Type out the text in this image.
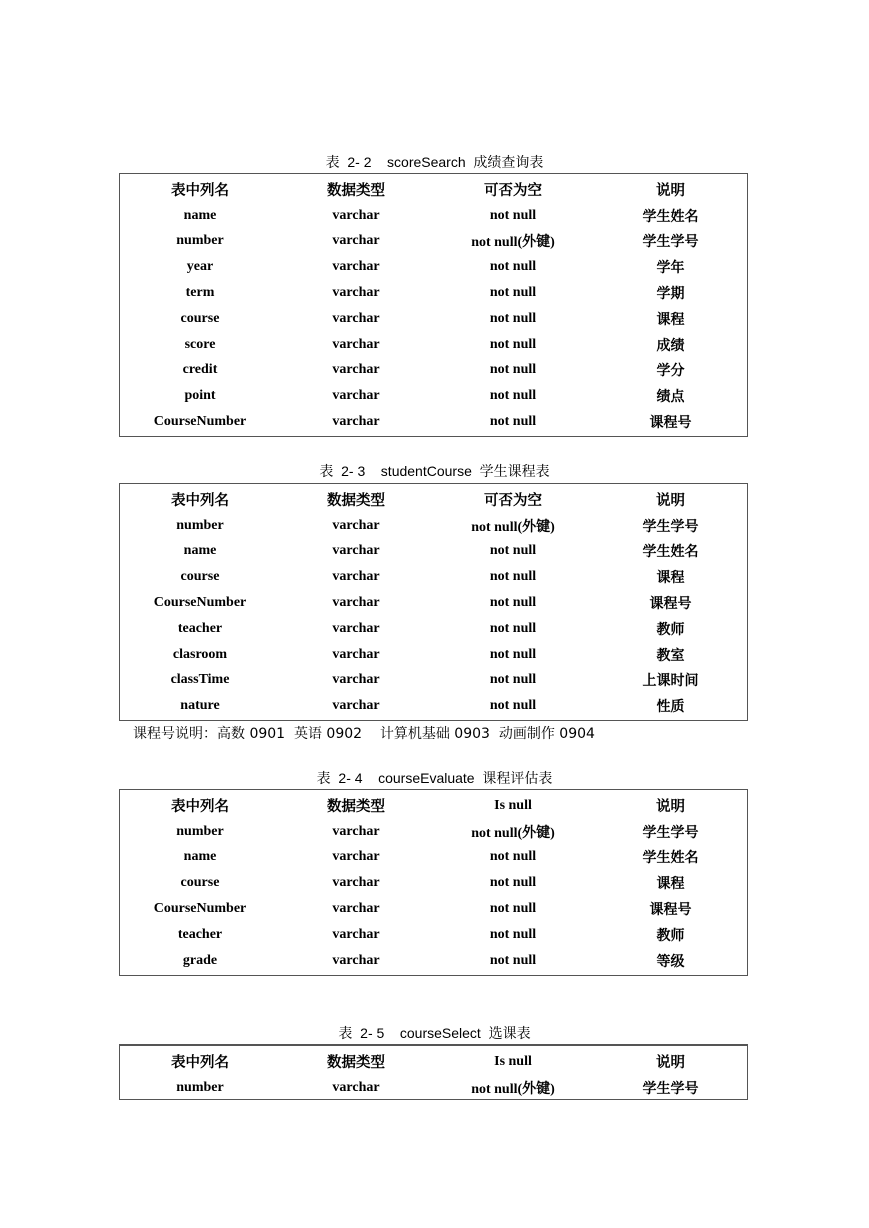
表  2- 2    scoreSearch  成绩查询表
表中列名	数据类型	可否为空	说明
name	varchar	not null	学生姓名
number	varchar	not null(外键)	学生学号
year	varchar	not null	学年
term	varchar	not null	学期
course	varchar	not null	课程
score	varchar	not null	成绩
credit	varchar	not null	学分
point	varchar	not null	绩点
CourseNumber	varchar	not null	课程号
表  2- 3    studentCourse  学生课程表
表中列名	数据类型	可否为空	说明
number	varchar	not null(外键)	学生学号
name	varchar	not null	学生姓名
course	varchar	not null	课程
CourseNumber	varchar	not null	课程号
teacher	varchar	not null	教师
clasroom	varchar	not null	教室
classTime	varchar	not null	上课时间
nature	varchar	not null	性质
课程号说明：高数 0901  英语 0902    计算机基础 0903  动画制作 0904
表  2- 4    courseEvaluate  课程评估表
表中列名	数据类型	Is null	说明
number	varchar	not null(外键)	学生学号
name	varchar	not null	学生姓名
course	varchar	not null	课程
CourseNumber	varchar	not null	课程号
teacher	varchar	not null	教师
grade	varchar	not null	等级
表  2- 5    courseSelect  选课表
表中列名	数据类型	Is null	说明
number	varchar	not null(外键)	学生学号
